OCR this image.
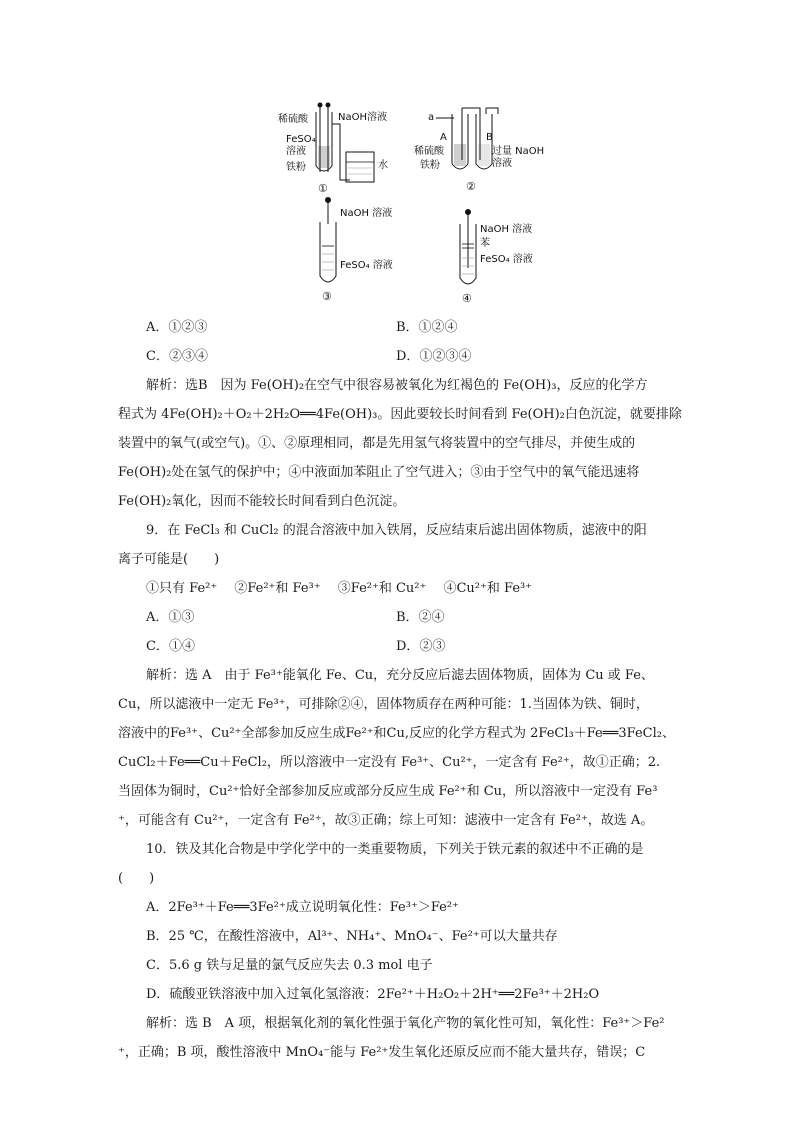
稀硫酸	NaOH溶液
FeSO₄
溶液
铁粉	水
①
a
A	B
过量 NaOH
溶液
稀硫酸
铁粉
②
NaOH 溶液
FeSO₄ 溶液
③
NaOH 溶液
苯
FeSO₄ 溶液
④
A．①②③	B．①②④
C．②③④	D．①②③④
解析：选B　因为 Fe(OH)₂在空气中很容易被氧化为红褐色的 Fe(OH)₃，反应的化学方
程式为 4Fe(OH)₂＋O₂＋2H₂O══4Fe(OH)₃。因此要较长时间看到 Fe(OH)₂白色沉淀，就要排除
装置中的氧气(或空气)。①、②原理相同，都是先用氢气将装置中的空气排尽，并使生成的
Fe(OH)₂处在氢气的保护中；④中液面加苯阻止了空气进入；③由于空气中的氧气能迅速将
Fe(OH)₂氧化，因而不能较长时间看到白色沉淀。
9．在 FeCl₃ 和 CuCl₂ 的混合溶液中加入铁屑，反应结束后滤出固体物质，滤液中的阳
离子可能是(　　)
①只有 Fe²⁺　 ②Fe²⁺和 Fe³⁺　 ③Fe²⁺和 Cu²⁺　 ④Cu²⁺和 Fe³⁺
A．①③	B．②④
C．①④	D．②③
解析：选 A　由于 Fe³⁺能氧化 Fe、Cu，充分反应后滤去固体物质，固体为 Cu 或 Fe、
Cu，所以滤液中一定无 Fe³⁺，可排除②④，固体物质存在两种可能：1.当固体为铁、铜时，
溶液中的Fe³⁺、Cu²⁺全部参加反应生成Fe²⁺和Cu,反应的化学方程式为 2FeCl₃＋Fe══3FeCl₂、
CuCl₂＋Fe══Cu＋FeCl₂，所以溶液中一定没有 Fe³⁺、Cu²⁺，一定含有 Fe²⁺，故①正确；2.
当固体为铜时，Cu²⁺恰好全部参加反应或部分反应生成 Fe²⁺和 Cu，所以溶液中一定没有 Fe³
⁺，可能含有 Cu²⁺，一定含有 Fe²⁺，故③正确；综上可知：滤液中一定含有 Fe²⁺，故选 A。
10．铁及其化合物是中学化学中的一类重要物质，下列关于铁元素的叙述中不正确的是
(　　)
A．2Fe³⁺＋Fe══3Fe²⁺成立说明氧化性：Fe³⁺＞Fe²⁺
B．25 ℃，在酸性溶液中，Al³⁺、NH₄⁺、MnO₄⁻、Fe²⁺可以大量共存
C．5.6 g 铁与足量的氯气反应失去 0.3 mol 电子
D．硫酸亚铁溶液中加入过氧化氢溶液：2Fe²⁺＋H₂O₂＋2H⁺══2Fe³⁺＋2H₂O
解析：选 B　A 项，根据氧化剂的氧化性强于氧化产物的氧化性可知，氧化性：Fe³⁺＞Fe²
⁺，正确；B 项，酸性溶液中 MnO₄⁻能与 Fe²⁺发生氧化还原反应而不能大量共存，错误；C
